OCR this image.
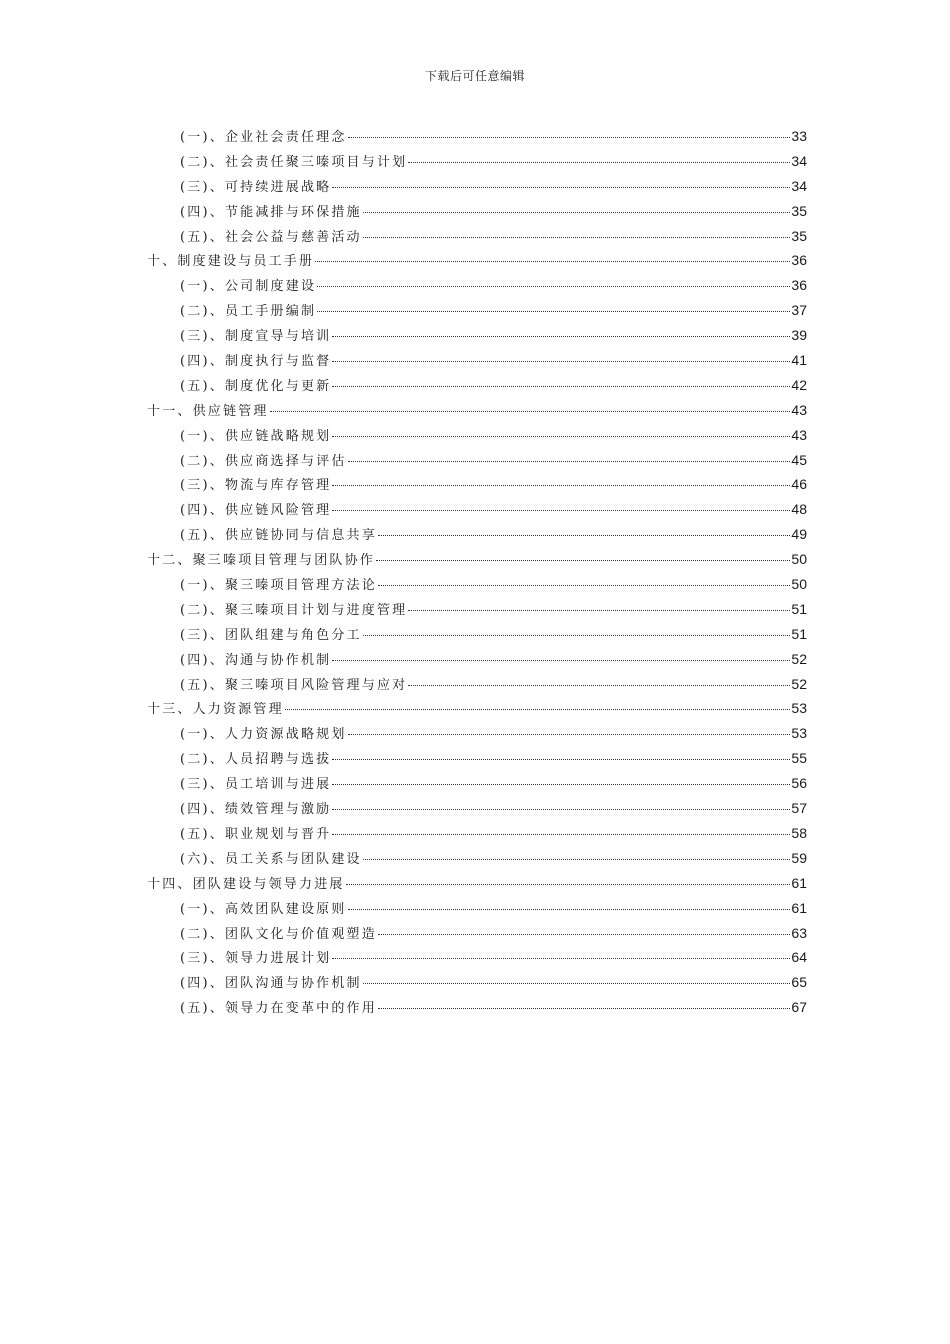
下载后可任意编辑
(一)、企业社会责任理念	33
(二)、社会责任聚三嗪项目与计划	34
(三)、可持续进展战略	34
(四)、节能减排与环保措施	35
(五)、社会公益与慈善活动	35
十、制度建设与员工手册	36
(一)、公司制度建设	36
(二)、员工手册编制	37
(三)、制度宣导与培训	39
(四)、制度执行与监督	41
(五)、制度优化与更新	42
十一、供应链管理	43
(一)、供应链战略规划	43
(二)、供应商选择与评估	45
(三)、物流与库存管理	46
(四)、供应链风险管理	48
(五)、供应链协同与信息共享	49
十二、聚三嗪项目管理与团队协作	50
(一)、聚三嗪项目管理方法论	50
(二)、聚三嗪项目计划与进度管理	51
(三)、团队组建与角色分工	51
(四)、沟通与协作机制	52
(五)、聚三嗪项目风险管理与应对	52
十三、人力资源管理	53
(一)、人力资源战略规划	53
(二)、人员招聘与选拔	55
(三)、员工培训与进展	56
(四)、绩效管理与激励	57
(五)、职业规划与晋升	58
(六)、员工关系与团队建设	59
十四、团队建设与领导力进展	61
(一)、高效团队建设原则	61
(二)、团队文化与价值观塑造	63
(三)、领导力进展计划	64
(四)、团队沟通与协作机制	65
(五)、领导力在变革中的作用	67
